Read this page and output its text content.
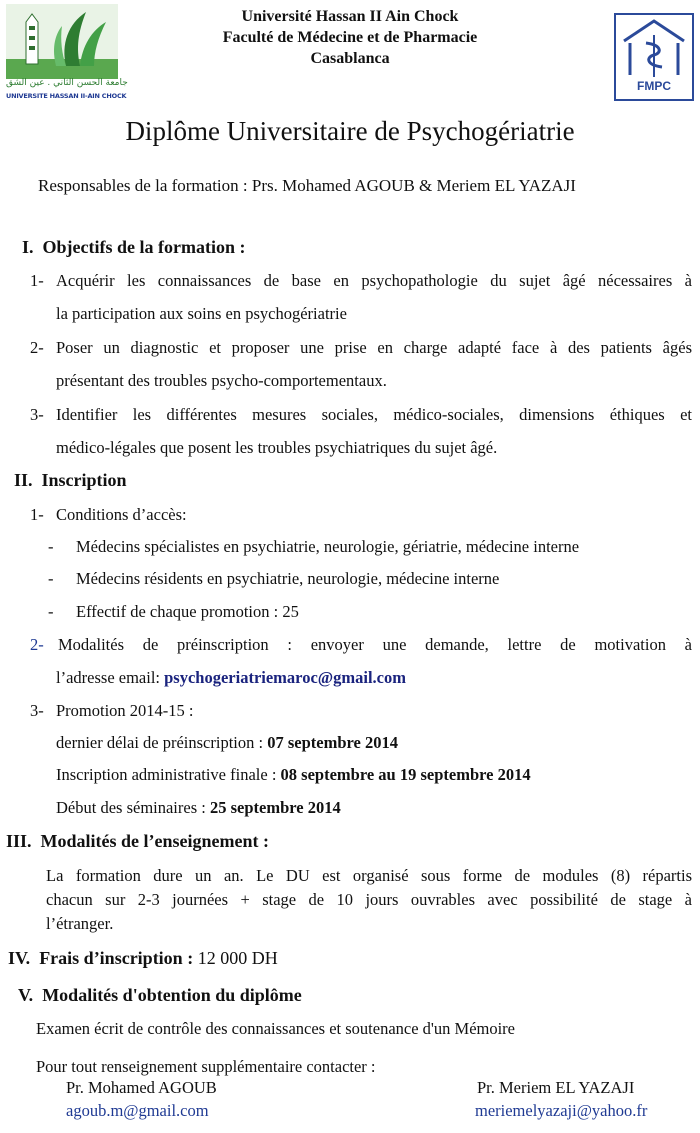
جامعة الحسن الثاني . عين الشق
UNIVERSITE HASSAN II-AIN CHOCK
Université Hassan II Ain Chock
Faculté de Médecine et de Pharmacie
Casablanca
FMPC
Diplôme Universitaire de Psychogériatrie
Responsables de la formation : Prs. Mohamed AGOUB & Meriem EL YAZAJI
I. Objectifs de la formation :
1- Acquérir les connaissances de base en psychopathologie du sujet âgé nécessaires à
la participation aux soins en psychogériatrie
2- Poser un diagnostic et proposer une prise en charge adapté face à des patients âgés
présentant des troubles psycho-comportementaux.
3- Identifier les différentes mesures sociales, médico-sociales, dimensions éthiques et
médico-légales que posent les troubles psychiatriques du sujet âgé.
II. Inscription
1- Conditions d’accès:
- Médecins spécialistes en psychiatrie, neurologie, gériatrie, médecine interne
- Médecins résidents en psychiatrie, neurologie, médecine interne
- Effectif de chaque promotion : 25
2- Modalités de préinscription : envoyer une demande, lettre de motivation à
l’adresse email: psychogeriatriemaroc@gmail.com
3- Promotion 2014-15 :
dernier délai de préinscription : 07 septembre 2014
Inscription administrative finale : 08 septembre au 19 septembre 2014
Début des séminaires : 25 septembre 2014
III. Modalités de l’enseignement :
La formation dure un an. Le DU est organisé sous forme de modules (8) répartis
chacun sur 2-3 journées + stage de 10 jours ouvrables avec possibilité de stage à
l’étranger.
IV. Frais d’inscription : 12 000 DH
V. Modalités d'obtention du diplôme
Examen écrit de contrôle des connaissances et soutenance d'un Mémoire
Pour tout renseignement supplémentaire contacter :
Pr. Mohamed AGOUB
agoub.m@gmail.com
Pr. Meriem EL YAZAJI
meriemelyazaji@yahoo.fr
